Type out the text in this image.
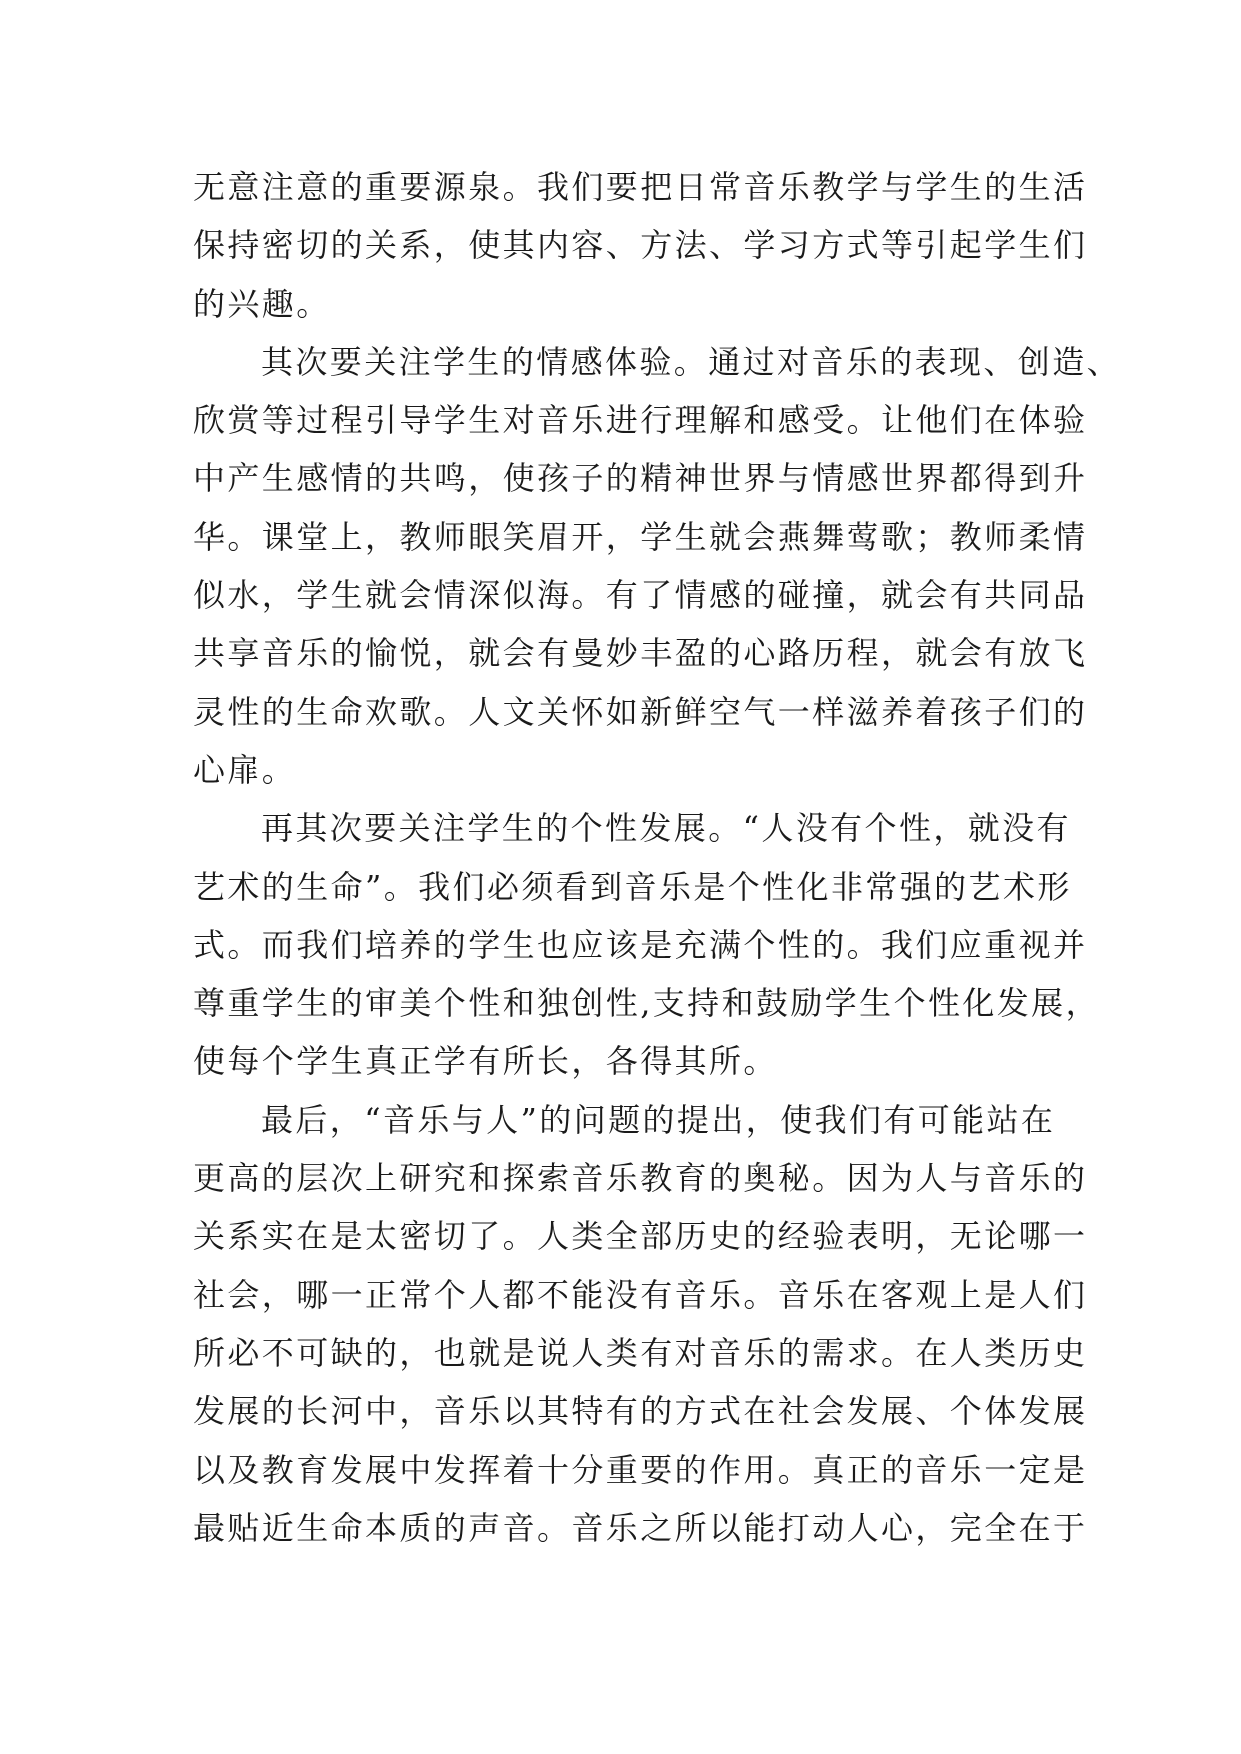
无意注意的重要源泉。我们要把日常音乐教学与学生的生活
保持密切的关系，使其内容、方法、学习方式等引起学生们
的兴趣。
其次要关注学生的情感体验。通过对音乐的表现、创造、
欣赏等过程引导学生对音乐进行理解和感受。让他们在体验
中产生感情的共鸣，使孩子的精神世界与情感世界都得到升
华。课堂上，教师眼笑眉开，学生就会燕舞莺歌；教师柔情
似水，学生就会情深似海。有了情感的碰撞，就会有共同品
共享音乐的愉悦，就会有曼妙丰盈的心路历程，就会有放飞
灵性的生命欢歌。人文关怀如新鲜空气一样滋养着孩子们的
心扉。
再其次要关注学生的个性发展。“人没有个性，就没有
艺术的生命”。我们必须看到音乐是个性化非常强的艺术形
式。而我们培养的学生也应该是充满个性的。我们应重视并
尊重学生的审美个性和独创性,支持和鼓励学生个性化发展，
使每个学生真正学有所长，各得其所。
最后，“音乐与人”的问题的提出，使我们有可能站在
更高的层次上研究和探索音乐教育的奥秘。因为人与音乐的
关系实在是太密切了。人类全部历史的经验表明，无论哪一
社会，哪一正常个人都不能没有音乐。音乐在客观上是人们
所必不可缺的，也就是说人类有对音乐的需求。在人类历史
发展的长河中，音乐以其特有的方式在社会发展、个体发展
以及教育发展中发挥着十分重要的作用。真正的音乐一定是
最贴近生命本质的声音。音乐之所以能打动人心，完全在于
